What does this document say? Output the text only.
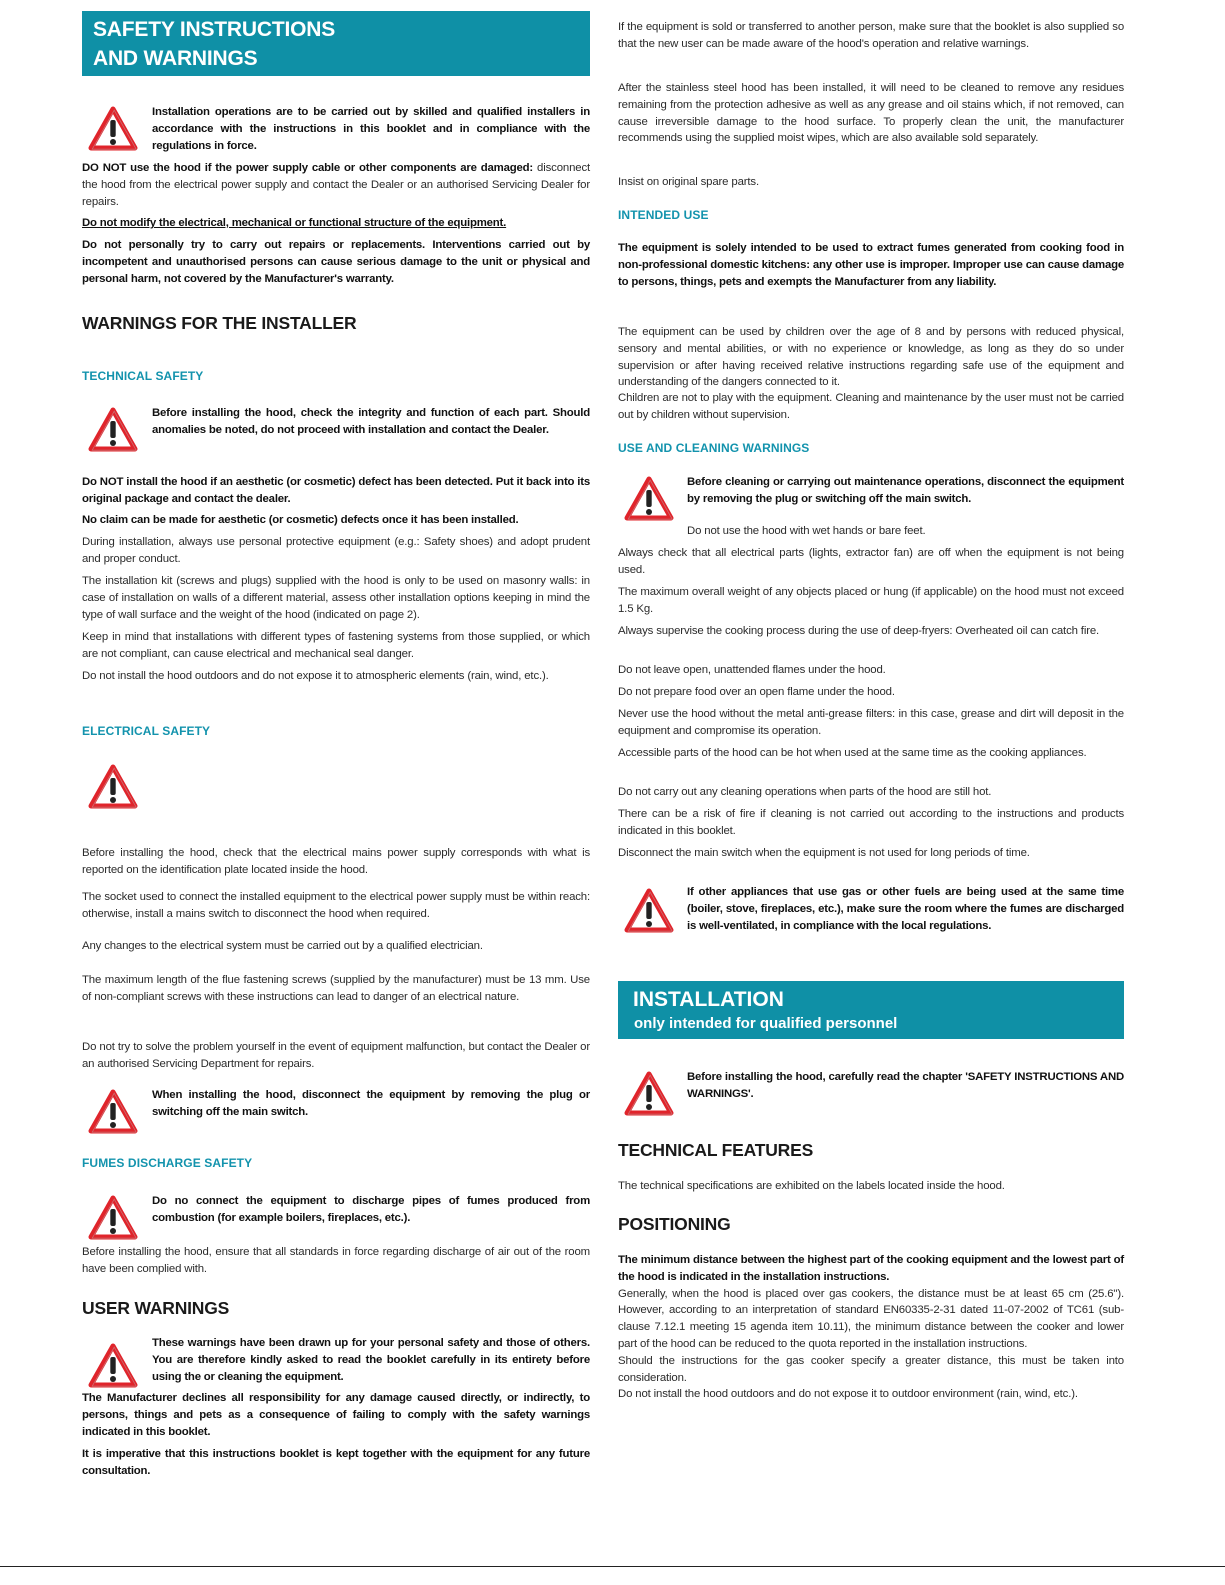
SAFETY INSTRUCTIONS
AND WARNINGS
Installation operations are to be carried out by skilled and qualified installers in accordance with the instructions in this booklet and in compliance with the regulations in force.
DO NOT use the hood if the power supply cable or other components are damaged: disconnect the hood from the electrical power supply and contact the Dealer or an authorised Servicing Dealer for repairs.
Do not modify the electrical, mechanical or functional structure of the equipment.
Do not personally try to carry out repairs or replacements. Interventions carried out by incompetent and unauthorised persons can cause serious damage to the unit or physical and personal harm, not covered by the Manufacturer's warranty.
WARNINGS FOR THE INSTALLER
TECHNICAL SAFETY
Before installing the hood, check the integrity and function of each part. Should anomalies be noted, do not proceed with installation and contact the Dealer.
Do NOT install the hood if an aesthetic (or cosmetic) defect has been detected. Put it back into its original package and contact the dealer.
No claim can be made for aesthetic (or cosmetic) defects once it has been installed.
During installation, always use personal protective equipment (e.g.: Safety shoes) and adopt prudent and proper conduct.
The installation kit (screws and plugs) supplied with the hood is only to be used on masonry walls: in case of installation on walls of a different material, assess other installation options keeping in mind the type of wall surface and the weight of the hood (indicated on page 2).
Keep in mind that installations with different types of fastening systems from those supplied, or which are not compliant, can cause electrical and mechanical seal danger.
Do not install the hood outdoors and do not expose it to atmospheric elements (rain, wind, etc.).
ELECTRICAL SAFETY
Before installing the hood, check that the electrical mains power supply corresponds with what is reported on the identification plate located inside the hood.
The socket used to connect the installed equipment to the electrical power supply must be within reach: otherwise, install a mains switch to disconnect the hood when required.
Any changes to the electrical system must be carried out by a qualified electrician.
The maximum length of the flue fastening screws (supplied by the manufacturer) must be 13 mm. Use of non-compliant screws with these instructions can lead to danger of an electrical nature.
Do not try to solve the problem yourself in the event of equipment malfunction, but contact the Dealer or an authorised Servicing Department for repairs.
When installing the hood, disconnect the equipment by removing the plug or switching off the main switch.
FUMES DISCHARGE SAFETY
Do no connect the equipment to discharge pipes of fumes produced from combustion (for example boilers, fireplaces, etc.).
Before installing the hood, ensure that all standards in force regarding discharge of air out of the room have been complied with.
USER WARNINGS
These warnings have been drawn up for your personal safety and those of others. You are therefore kindly asked to read the booklet carefully in its entirety before using the or cleaning the equipment.
The Manufacturer declines all responsibility for any damage caused directly, or indirectly, to persons, things and pets as a consequence of failing to comply with the safety warnings indicated in this booklet.
It is imperative that this instructions booklet is kept together with the equipment for any future consultation.
If the equipment is sold or transferred to another person, make sure that the booklet is also supplied so that the new user can be made aware of the hood's operation and relative warnings.
After the stainless steel hood has been installed, it will need to be cleaned to remove any residues remaining from the protection adhesive as well as any grease and oil stains which, if not removed, can cause irreversible damage to the hood surface. To properly clean the unit, the manufacturer recommends using the supplied moist wipes, which are also available sold separately.
Insist on original spare parts.
INTENDED USE
The equipment is solely intended to be used to extract fumes generated from cooking food in non-professional domestic kitchens: any other use is improper. Improper use can cause damage to persons, things, pets and exempts the Manufacturer from any liability.
The equipment can be used by children over the age of 8 and by persons with reduced physical, sensory and mental abilities, or with no experience or knowledge, as long as they do so under supervision or after having received relative instructions regarding safe use of the equipment and understanding of the dangers connected to it.
Children are not to play with the equipment. Cleaning and maintenance by the user must not be carried out by children without supervision.
USE AND CLEANING WARNINGS
Before cleaning or carrying out maintenance operations, disconnect the equipment by removing the plug or switching off the main switch.
Do not use the hood with wet hands or bare feet.
Always check that all electrical parts (lights, extractor fan) are off when the equipment is not being used.
The maximum overall weight of any objects placed or hung (if applicable) on the hood must not exceed 1.5 Kg.
Always supervise the cooking process during the use of deep-fryers: Overheated oil can catch fire.
Do not leave open, unattended flames under the hood.
Do not prepare food over an open flame under the hood.
Never use the hood without the metal anti-grease filters: in this case, grease and dirt will deposit in the equipment and compromise its operation.
Accessible parts of the hood can be hot when used at the same time as the cooking appliances.
Do not carry out any cleaning operations when parts of the hood are still hot.
There can be a risk of fire if cleaning is not carried out according to the instructions and products indicated in this booklet.
Disconnect the main switch when the equipment is not used for long periods of time.
If other appliances that use gas or other fuels are being used at the same time (boiler, stove, fireplaces, etc.), make sure the room where the fumes are discharged is well-ventilated, in compliance with the local regulations.
INSTALLATION
only intended for qualified personnel
Before installing the hood, carefully read the chapter 'SAFETY INSTRUCTIONS AND WARNINGS'.
TECHNICAL FEATURES
The technical specifications are exhibited on the labels located inside the hood.
POSITIONING
The minimum distance between the highest part of the cooking equipment and the lowest part of the hood is indicated in the installation instructions.
Generally, when the hood is placed over gas cookers, the distance must be at least 65 cm (25.6"). However, according to an interpretation of standard EN60335-2-31 dated 11-07-2002 of TC61 (sub-clause 7.12.1 meeting 15 agenda item 10.11), the minimum distance between the cooker and lower part of the hood can be reduced to the quota reported in the installation instructions.
Should the instructions for the gas cooker specify a greater distance, this must be taken into consideration.
Do not install the hood outdoors and do not expose it to outdoor environment (rain, wind, etc.).
